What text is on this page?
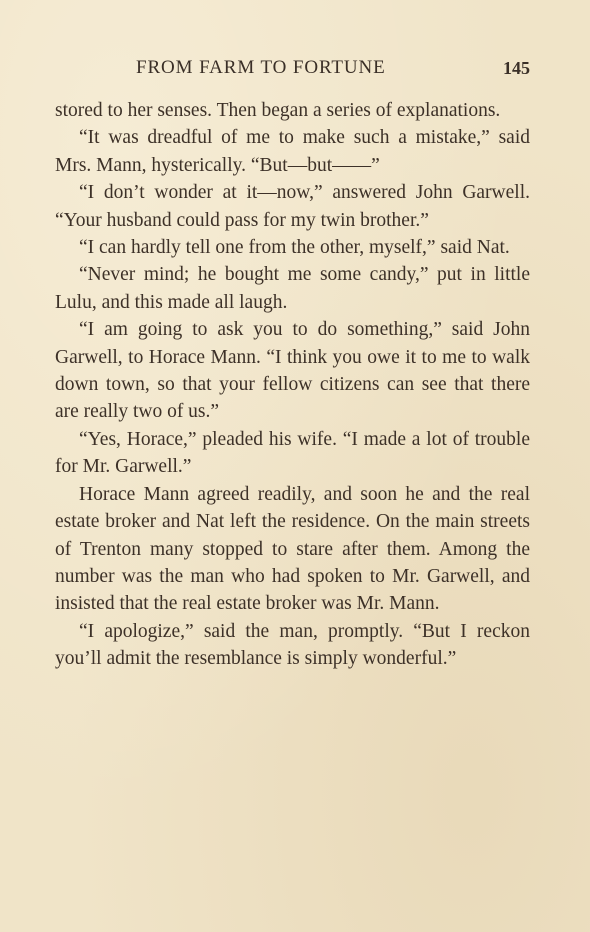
FROM FARM TO FORTUNE	145

stored to her senses. Then began a series of explanations.

“It was dreadful of me to make such a mistake,” said Mrs. Mann, hysterically. “But—but——”

“I don’t wonder at it—now,” answered John Garwell. “Your husband could pass for my twin brother.”

“I can hardly tell one from the other, myself,” said Nat.

“Never mind; he bought me some candy,” put in little Lulu, and this made all laugh.

“I am going to ask you to do something,” said John Garwell, to Horace Mann. “I think you owe it to me to walk down town, so that your fellow citizens can see that there are really two of us.”

“Yes, Horace,” pleaded his wife. “I made a lot of trouble for Mr. Garwell.”

Horace Mann agreed readily, and soon he and the real estate broker and Nat left the residence. On the main streets of Trenton many stopped to stare after them. Among the number was the man who had spoken to Mr. Garwell, and insisted that the real estate broker was Mr. Mann.

“I apologize,” said the man, promptly. “But I reckon you’ll admit the resemblance is simply wonderful.”
